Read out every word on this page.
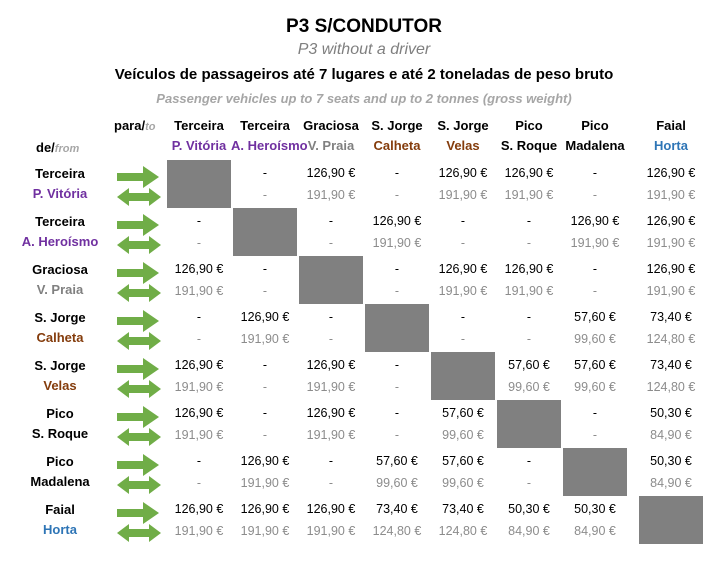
P3 S/CONDUTOR
P3 without a driver
Veículos de passageiros até 7 lugares e até 2 toneladas de peso bruto
Passenger vehicles up to 7 seats and up to 2 tonnes (gross weight)
para/to
de/from
Terceira
P. Vitória
Terceira
A. Heroísmo
Graciosa
V. Praia
S. Jorge
Calheta
S. Jorge
Velas
Pico
S. Roque
Pico
Madalena
Faial
Horta
Terceira
P. Vitória
-
-
126,90 €
191,90 €
-
-
126,90 €
191,90 €
126,90 €
191,90 €
-
-
126,90 €
191,90 €
Terceira
A. Heroísmo
-
-
-
-
126,90 €
191,90 €
-
-
-
-
126,90 €
191,90 €
126,90 €
191,90 €
Graciosa
V. Praia
126,90 €
191,90 €
-
-
-
-
126,90 €
191,90 €
126,90 €
191,90 €
-
-
126,90 €
191,90 €
S. Jorge
Calheta
-
-
126,90 €
191,90 €
-
-
-
-
-
-
57,60 €
99,60 €
73,40 €
124,80 €
S. Jorge
Velas
126,90 €
191,90 €
-
-
126,90 €
191,90 €
-
-
57,60 €
99,60 €
57,60 €
99,60 €
73,40 €
124,80 €
Pico
S. Roque
126,90 €
191,90 €
-
-
126,90 €
191,90 €
-
-
57,60 €
99,60 €
-
-
50,30 €
84,90 €
Pico
Madalena
-
-
126,90 €
191,90 €
-
-
57,60 €
99,60 €
57,60 €
99,60 €
-
-
50,30 €
84,90 €
Faial
Horta
126,90 €
191,90 €
126,90 €
191,90 €
126,90 €
191,90 €
73,40 €
124,80 €
73,40 €
124,80 €
50,30 €
84,90 €
50,30 €
84,90 €
